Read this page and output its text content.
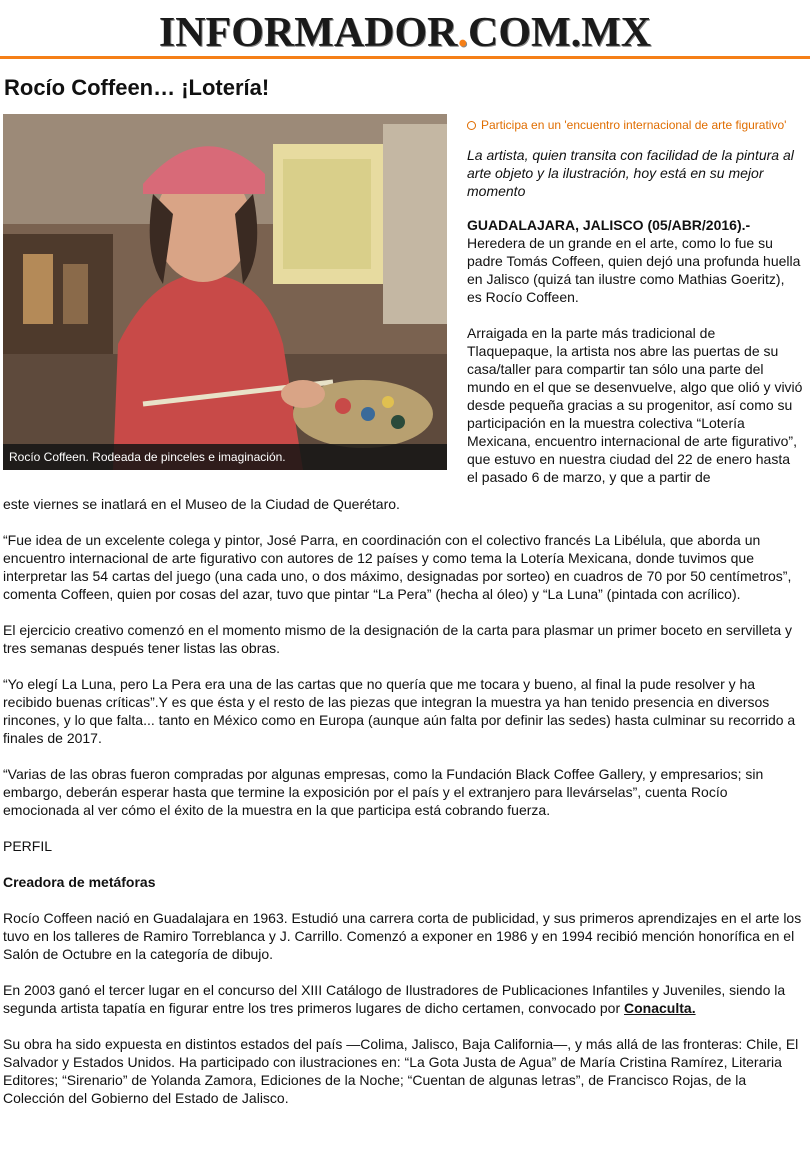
INFORMADOR.COM.MX
Rocío Coffeen… ¡Lotería!
Rocío Coffeen. Rodeada de pinceles e imaginación.
Participa en un 'encuentro internacional de arte figurativo'
La artista, quien transita con facilidad de la pintura al arte objeto y la ilustración, hoy está en su mejor momento
GUADALAJARA, JALISCO (05/ABR/2016).-
Heredera de un grande en el arte, como lo fue su padre Tomás Coffeen, quien dejó una profunda huella en Jalisco (quizá tan ilustre como Mathias Goeritz), es Rocío Coffeen.
Arraigada en la parte más tradicional de Tlaquepaque, la artista nos abre las puertas de su casa/taller para compartir tan sólo una parte del mundo en el que se desenvuelve, algo que olió y vivió desde pequeña gracias a su progenitor, así como su participación en la muestra colectiva “Lotería Mexicana, encuentro internacional de arte figurativo”, que estuvo en nuestra ciudad del 22 de enero hasta el pasado 6 de marzo, y que a partir de
este viernes se inatlará en el Museo de la Ciudad de Querétaro.
“Fue idea de un excelente colega y pintor, José Parra, en coordinación con el colectivo francés La Libélula, que aborda un encuentro internacional de arte figurativo con autores de 12 países y como tema la Lotería Mexicana, donde tuvimos que interpretar las 54 cartas del juego (una cada uno, o dos máximo, designadas por sorteo) en cuadros de 70 por 50 centímetros”, comenta Coffeen, quien por cosas del azar, tuvo que pintar “La Pera” (hecha al óleo) y “La Luna” (pintada con acrílico).
El ejercicio creativo comenzó en el momento mismo de la designación de la carta para plasmar un primer boceto en servilleta y tres semanas después tener listas las obras.
“Yo elegí La Luna, pero La Pera era una de las cartas que no quería que me tocara y bueno, al final la pude resolver y ha recibido buenas críticas”.Y es que ésta y el resto de las piezas que integran la muestra ya han tenido presencia en diversos rincones, y lo que falta... tanto en México como en Europa (aunque aún falta por definir las sedes) hasta culminar su recorrido a finales de 2017.
“Varias de las obras fueron compradas por algunas empresas, como la Fundación Black Coffee Gallery, y empresarios; sin embargo, deberán esperar hasta que termine la exposición por el país y el extranjero para llevárselas”, cuenta Rocío emocionada al ver cómo el éxito de la muestra en la que participa está cobrando fuerza.
PERFIL
Creadora de metáforas
Rocío Coffeen nació en Guadalajara en 1963. Estudió una carrera corta de publicidad, y sus primeros aprendizajes en el arte los tuvo en los talleres de Ramiro Torreblanca y J. Carrillo. Comenzó a exponer en 1986 y en 1994 recibió mención honorífica en el Salón de Octubre en la categoría de dibujo.
En 2003 ganó el tercer lugar en el concurso del XIII Catálogo de Ilustradores de Publicaciones Infantiles y Juveniles, siendo la segunda artista tapatía en figurar entre los tres primeros lugares de dicho certamen, convocado por Conaculta.
Su obra ha sido expuesta en distintos estados del país —Colima, Jalisco, Baja California—, y más allá de las fronteras: Chile, El Salvador y Estados Unidos. Ha participado con ilustraciones en: “La Gota Justa de Agua” de María Cristina Ramírez, Literaria Editores; “Sirenario” de Yolanda Zamora, Ediciones de la Noche; “Cuentan de algunas letras”, de Francisco Rojas, de la Colección del Gobierno del Estado de Jalisco.
